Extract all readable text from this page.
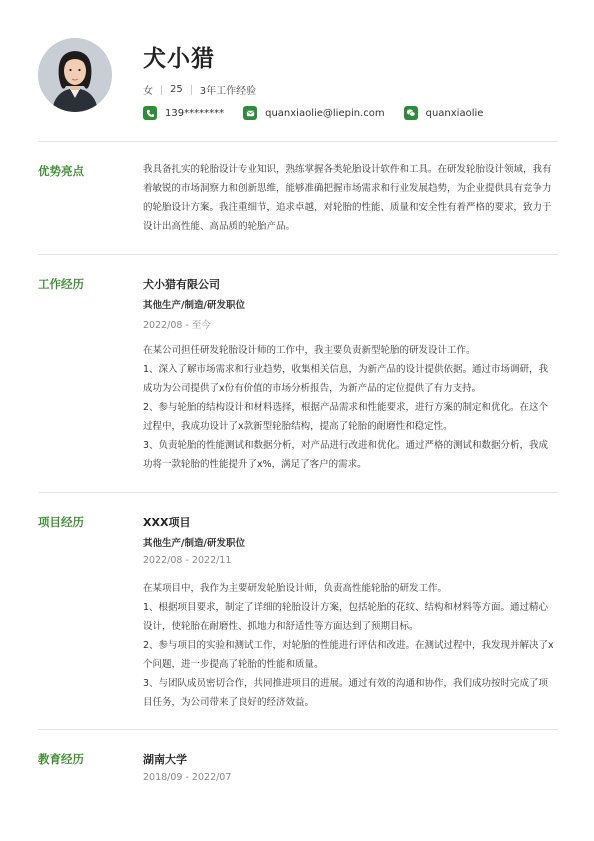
犬小猎
女 25 3年工作经验
139********	quanxiaolie@liepin.com	quanxiaolie
优势亮点	我具备扎实的轮胎设计专业知识，熟练掌握各类轮胎设计软件和工具。在研发轮胎设计领域，我有着敏锐的市场洞察力和创新思维，能够准确把握市场需求和行业发展趋势，为企业提供具有竞争力的轮胎设计方案。我注重细节，追求卓越，对轮胎的性能、质量和安全性有着严格的要求，致力于设计出高性能、高品质的轮胎产品。

工作经历	犬小猎有限公司
其他生产/制造/研发职位
2022/08 - 至今

在某公司担任研发轮胎设计师的工作中，我主要负责新型轮胎的研发设计工作。

1、深入了解市场需求和行业趋势，收集相关信息，为新产品的设计提供依据。通过市场调研，我成功为公司提供了x份有价值的市场分析报告，为新产品的定位提供了有力支持。

2、参与轮胎的结构设计和材料选择，根据产品需求和性能要求，进行方案的制定和优化。在这个过程中，我成功设计了x款新型轮胎结构，提高了轮胎的耐磨性和稳定性。

3、负责轮胎的性能测试和数据分析，对产品进行改进和优化。通过严格的测试和数据分析，我成功将一款轮胎的性能提升了x%，满足了客户的需求。

项目经历	XXX项目
其他生产/制造/研发职位
2022/08 - 2022/11

在某项目中，我作为主要研发轮胎设计师，负责高性能轮胎的研发工作。

1、根据项目要求，制定了详细的轮胎设计方案，包括轮胎的花纹、结构和材料等方面。通过精心设计，使轮胎在耐磨性、抓地力和舒适性等方面达到了预期目标。

2、参与项目的实验和测试工作，对轮胎的性能进行评估和改进。在测试过程中，我发现并解决了x个问题，进一步提高了轮胎的性能和质量。

3、与团队成员密切合作，共同推进项目的进展。通过有效的沟通和协作，我们成功按时完成了项目任务，为公司带来了良好的经济效益。

教育经历	湖南大学
2018/09 - 2022/07
